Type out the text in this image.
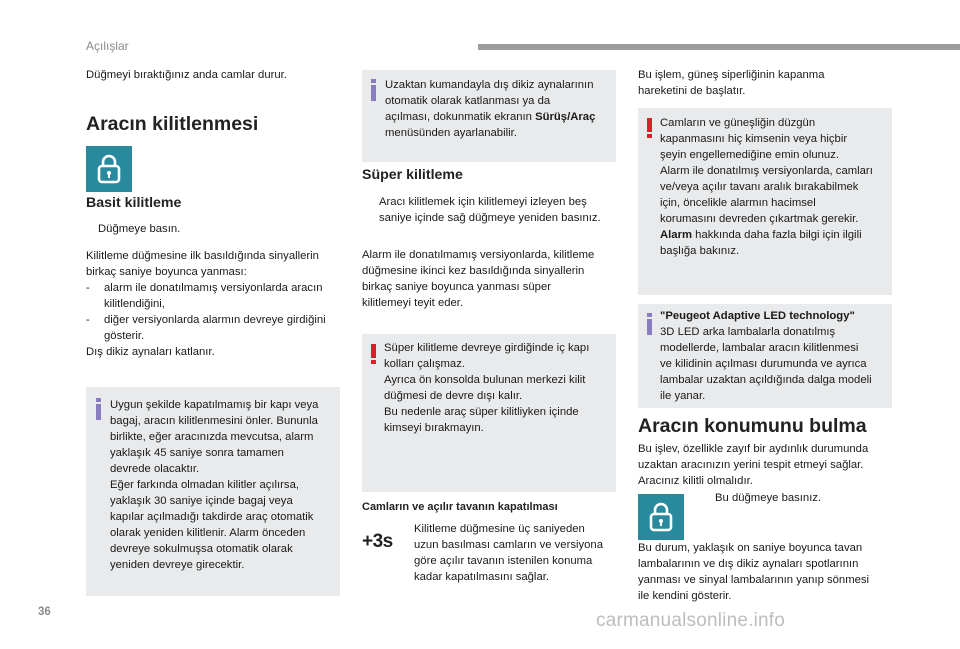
Açılışlar
Düğmeyi bıraktığınız anda camlar durur.
Aracın kilitlenmesi
Basit kilitleme
Düğmeye basın.
Kilitleme düğmesine ilk basıldığında sinyallerin
birkaç saniye boyunca yanması:
-	alarm ile donatılmamış versiyonlarda aracın
kilitlendiğini,
-	diğer versiyonlarda alarmın devreye girdiğini
gösterir.
Dış dikiz aynaları katlanır.
Uygun şekilde kapatılmamış bir kapı veya
bagaj, aracın kilitlenmesini önler. Bununla
birlikte, eğer aracınızda mevcutsa, alarm
yaklaşık 45 saniye sonra tamamen
devrede olacaktır.
Eğer farkında olmadan kilitler açılırsa,
yaklaşık 30 saniye içinde bagaj veya
kapılar açılmadığı takdirde araç otomatik
olarak yeniden kilitlenir. Alarm önceden
devreye sokulmuşsa otomatik olarak
yeniden devreye girecektir.
Uzaktan kumandayla dış dikiz aynalarının
otomatik olarak katlanması ya da
açılması, dokunmatik ekranın Sürüş/Araç
menüsünden ayarlanabilir.
Süper kilitleme
Aracı kilitlemek için kilitlemeyi izleyen beş
saniye içinde sağ düğmeye yeniden basınız.
Alarm ile donatılmamış versiyonlarda, kilitleme
düğmesine ikinci kez basıldığında sinyallerin
birkaç saniye boyunca yanması süper
kilitlemeyi teyit eder.
Süper kilitleme devreye girdiğinde iç kapı
kolları çalışmaz.
Ayrıca ön konsolda bulunan merkezi kilit
düğmesi de devre dışı kalır.
Bu nedenle araç süper kilitliyken içinde
kimseyi bırakmayın.
Camların ve açılır tavanın kapatılması
+3s
Kilitleme düğmesine üç saniyeden
uzun basılması camların ve versiyona
göre açılır tavanın istenilen konuma
kadar kapatılmasını sağlar.
Bu işlem, güneş siperliğinin kapanma
hareketini de başlatır.
Camların ve güneşliğin düzgün
kapanmasını hiç kimsenin veya hiçbir
şeyin engellemediğine emin olunuz.
Alarm ile donatılmış versiyonlarda, camları
ve/veya açılır tavanı aralık bırakabilmek
için, öncelikle alarmın hacimsel
korumasını devreden çıkartmak gerekir.
Alarm hakkında daha fazla bilgi için ilgili
başlığa bakınız.
"Peugeot Adaptive LED technology"
3D LED arka lambalarla donatılmış
modellerde, lambalar aracın kilitlenmesi
ve kilidinin açılması durumunda ve ayrıca
lambalar uzaktan açıldığında dalga modeli
ile yanar.
Aracın konumunu bulma
Bu işlev, özellikle zayıf bir aydınlık durumunda
uzaktan aracınızın yerini tespit etmeyi sağlar.
Aracınız kilitli olmalıdır.
Bu düğmeye basınız.
Bu durum, yaklaşık on saniye boyunca tavan
lambalarının ve dış dikiz aynaları spotlarının
yanması ve sinyal lambalarının yanıp sönmesi
ile kendini gösterir.
36	carmanualsonline.info
